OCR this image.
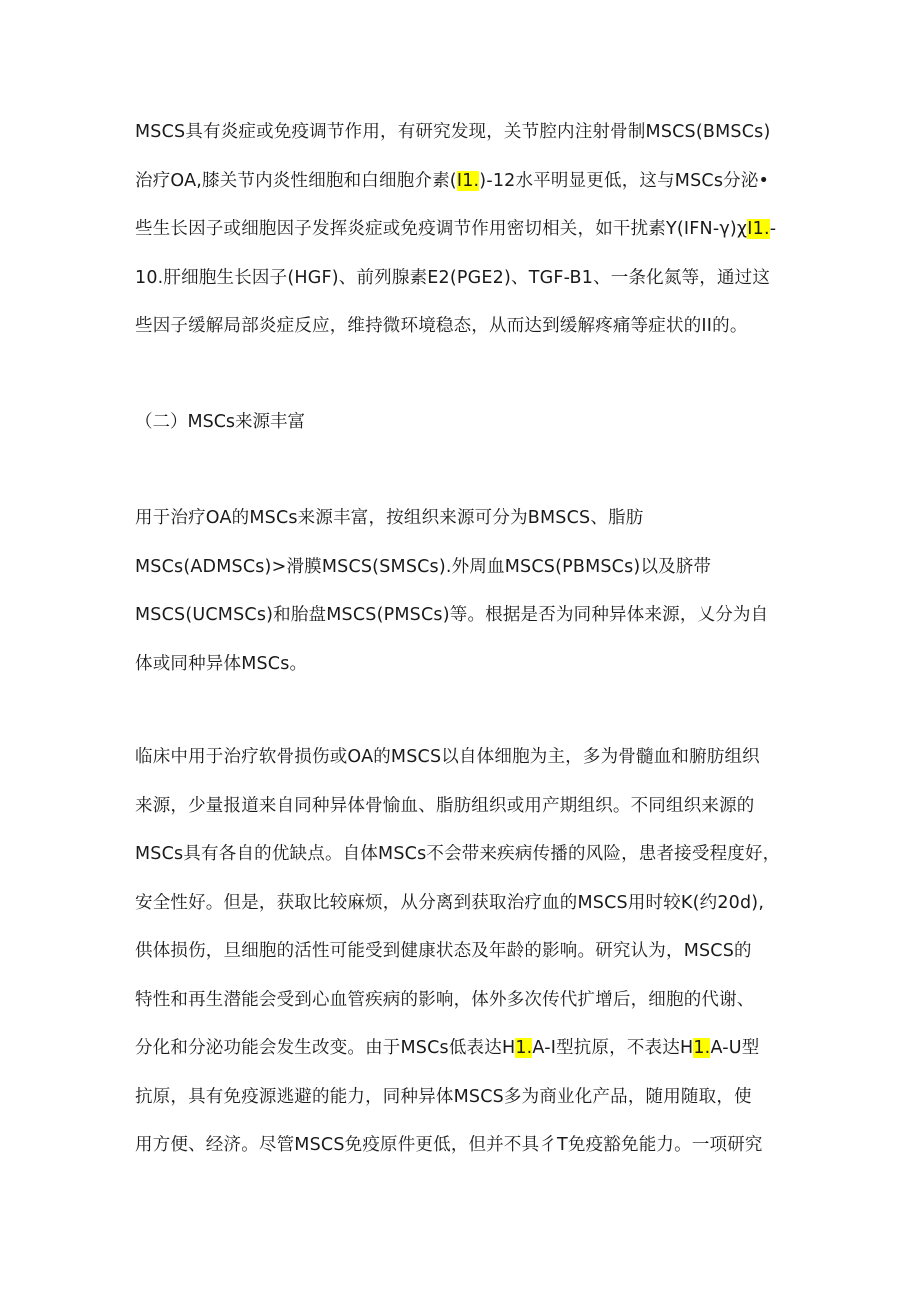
MSCS具有炎症或免疫调节作用，有研究发现，关节腔内注射骨制MSCS(BMSCs)
治疗OA,膝关节内炎性细胞和白细胞介素(I1.)-12水平明显更低，这与MSCs分泌•
些生长因子或细胞因子发挥炎症或免疫调节作用密切相关，如干扰素Y(IFN-γ)χI1.-
10.肝细胞生长因子(HGF)、前列腺素E2(PGE2)、TGF-B1、一条化氮等，通过这
些因子缓解局部炎症反应，维持微环境稳态，从而达到缓解疼痛等症状的II的。

（二）MSCs来源丰富

用于治疗OA的MSCs来源丰富，按组织来源可分为BMSCS、脂肪
MSCs(ADMSCs)>滑膜MSCS(SMSCs).外周血MSCS(PBMSCs)以及脐带
MSCS(UCMSCs)和胎盘MSCS(PMSCs)等。根据是否为同种异体来源，乂分为自
体或同种异体MSCs。
临床中用于治疗软骨损伤或OA的MSCS以自体细胞为主，多为骨髓血和腑肪组织
来源，少量报道来自同种异体骨愉血、脂肪组织或用产期组织。不同组织来源的
MSCs具有各自的优缺点。自体MSCs不会带来疾病传播的风险，患者接受程度好，
安全性好。但是，获取比较麻烦，从分离到获取治疗血的MSCS用时较K(约20d),
供体损伤，旦细胞的活性可能受到健康状态及年龄的影响。研究认为，MSCS的
特性和再生潜能会受到心血管疾病的影响，体外多次传代扩增后，细胞的代谢、
分化和分泌功能会发生改变。由于MSCs低表达H1.A-I型抗原，不表达H1.A-U型
抗原，具有免疫源逃避的能力，同种异体MSCS多为商业化产品，随用随取，使
用方便、经济。尽管MSCS免疫原件更低，但并不具彳T免疫豁免能力。一项研究
